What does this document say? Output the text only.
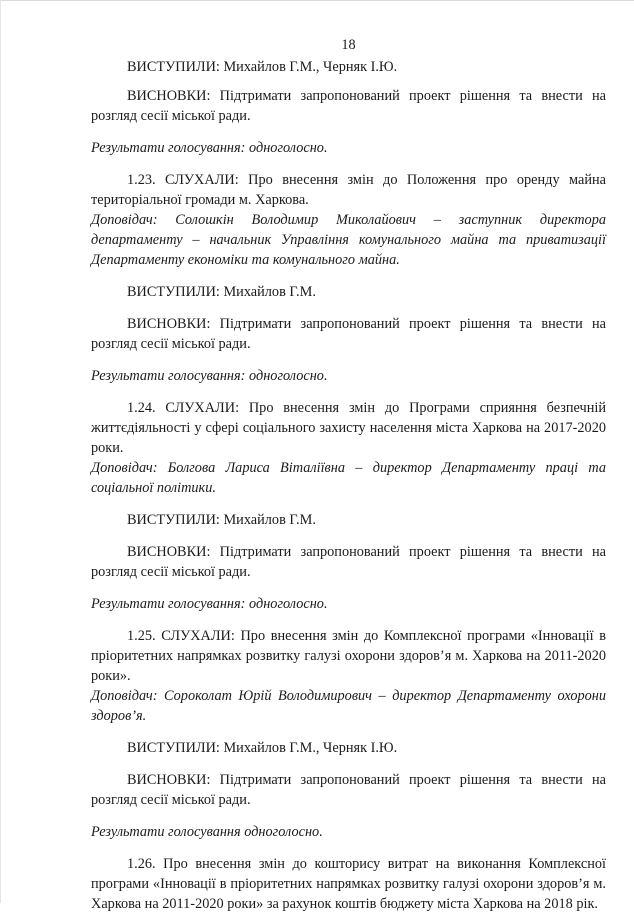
18

ВИСТУПИЛИ: Михайлов Г.М., Черняк І.Ю.

ВИСНОВКИ: Підтримати запропонований проект рішення та внести на розгляд сесії міської ради.

Результати голосування: одноголосно.

1.23. СЛУХАЛИ: Про внесення змін до Положення про оренду майна територіальної громади м. Харкова.

Доповідач: Солошкін Володимир Миколайович – заступник директора департаменту – начальник Управління комунального майна та приватизації Департаменту економіки та комунального майна.

ВИСТУПИЛИ: Михайлов Г.М.

ВИСНОВКИ: Підтримати запропонований проект рішення та внести на розгляд сесії міської ради.

Результати голосування: одноголосно.

1.24. СЛУХАЛИ: Про внесення змін до Програми сприяння безпечній життєдіяльності у сфері соціального захисту населення міста Харкова на 2017-2020 роки.

Доповідач: Болгова Лариса Віталіївна – директор Департаменту праці та соціальної політики.

ВИСТУПИЛИ: Михайлов Г.М.

ВИСНОВКИ: Підтримати запропонований проект рішення та внести на розгляд сесії міської ради.

Результати голосування: одноголосно.

1.25. СЛУХАЛИ: Про внесення змін до Комплексної програми «Інновації в пріоритетних напрямках розвитку галузі охорони здоров’я м. Харкова на 2011-2020 роки».

Доповідач: Сороколат Юрій Володимирович – директор Департаменту охорони здоров’я.

ВИСТУПИЛИ: Михайлов Г.М., Черняк І.Ю.

ВИСНОВКИ: Підтримати запропонований проект рішення та внести на розгляд сесії міської ради.

Результати голосування одноголосно.

1.26. Про внесення змін до кошторису витрат на виконання Комплексної програми «Інновації в пріоритетних напрямках розвитку галузі охорони здоров’я м. Харкова на 2011-2020 роки» за рахунок коштів бюджету міста Харкова на 2018 рік.
